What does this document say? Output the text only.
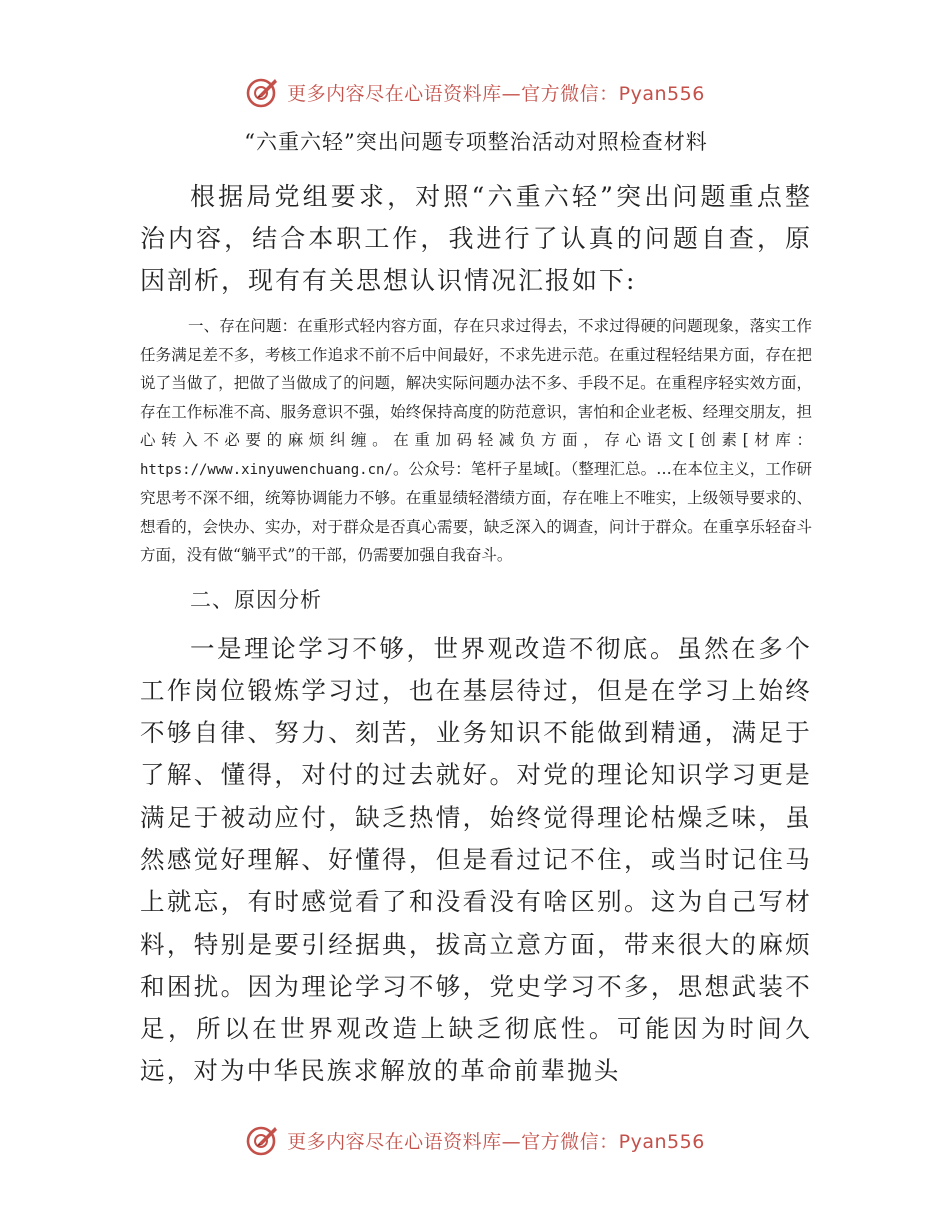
更多内容尽在心语资料库—官方微信：Pyan556
“六重六轻”突出问题专项整治活动对照检查材料

根据局党组要求，对照“六重六轻”突出问题重点整治内容，结合本职工作，我进行了认真的问题自查，原因剖析，现有有关思想认识情况汇报如下:

一、存在问题：在重形式轻内容方面，存在只求过得去，不求过得硬的问题现象，落实工作任务满足差不多，考核工作追求不前不后中间最好，不求先进示范。在重过程轻结果方面，存在把说了当做了，把做了当做成了的问题，解决实际问题办法不多、手段不足。在重程序轻实效方面，存在工作标准不高、服务意识不强，始终保持高度的防范意识，害怕和企业老板、经理交朋友，担心转入不必要的麻烦纠缠。在重加码轻减负方面，存心语文[创素[材库：https://www.xinyuwenchuang.cn/。公众号：笔杆子星域[。（整理汇总。…在本位主义，工作研究思考不深不细，统筹协调能力不够。在重显绩轻潜绩方面，存在唯上不唯实，上级领导要求的、想看的，会快办、实办，对于群众是否真心需要，缺乏深入的调查，问计于群众。在重享乐轻奋斗方面，没有做“躺平式”的干部，仍需要加强自我奋斗。

二、原因分析

一是理论学习不够，世界观改造不彻底。虽然在多个工作岗位锻炼学习过，也在基层待过，但是在学习上始终不够自律、努力、刻苦，业务知识不能做到精通，满足于了解、懂得，对付的过去就好。对党的理论知识学习更是满足于被动应付，缺乏热情，始终觉得理论枯燥乏味，虽然感觉好理解、好懂得，但是看过记不住，或当时记住马上就忘，有时感觉看了和没看没有啥区别。这为自己写材料，特别是要引经据典，拔高立意方面，带来很大的麻烦和困扰。因为理论学习不够，党史学习不多，思想武装不足，所以在世界观改造上缺乏彻底性。可能因为时间久远，对为中华民族求解放的革命前辈抛头

更多内容尽在心语资料库—官方微信：Pyan556
